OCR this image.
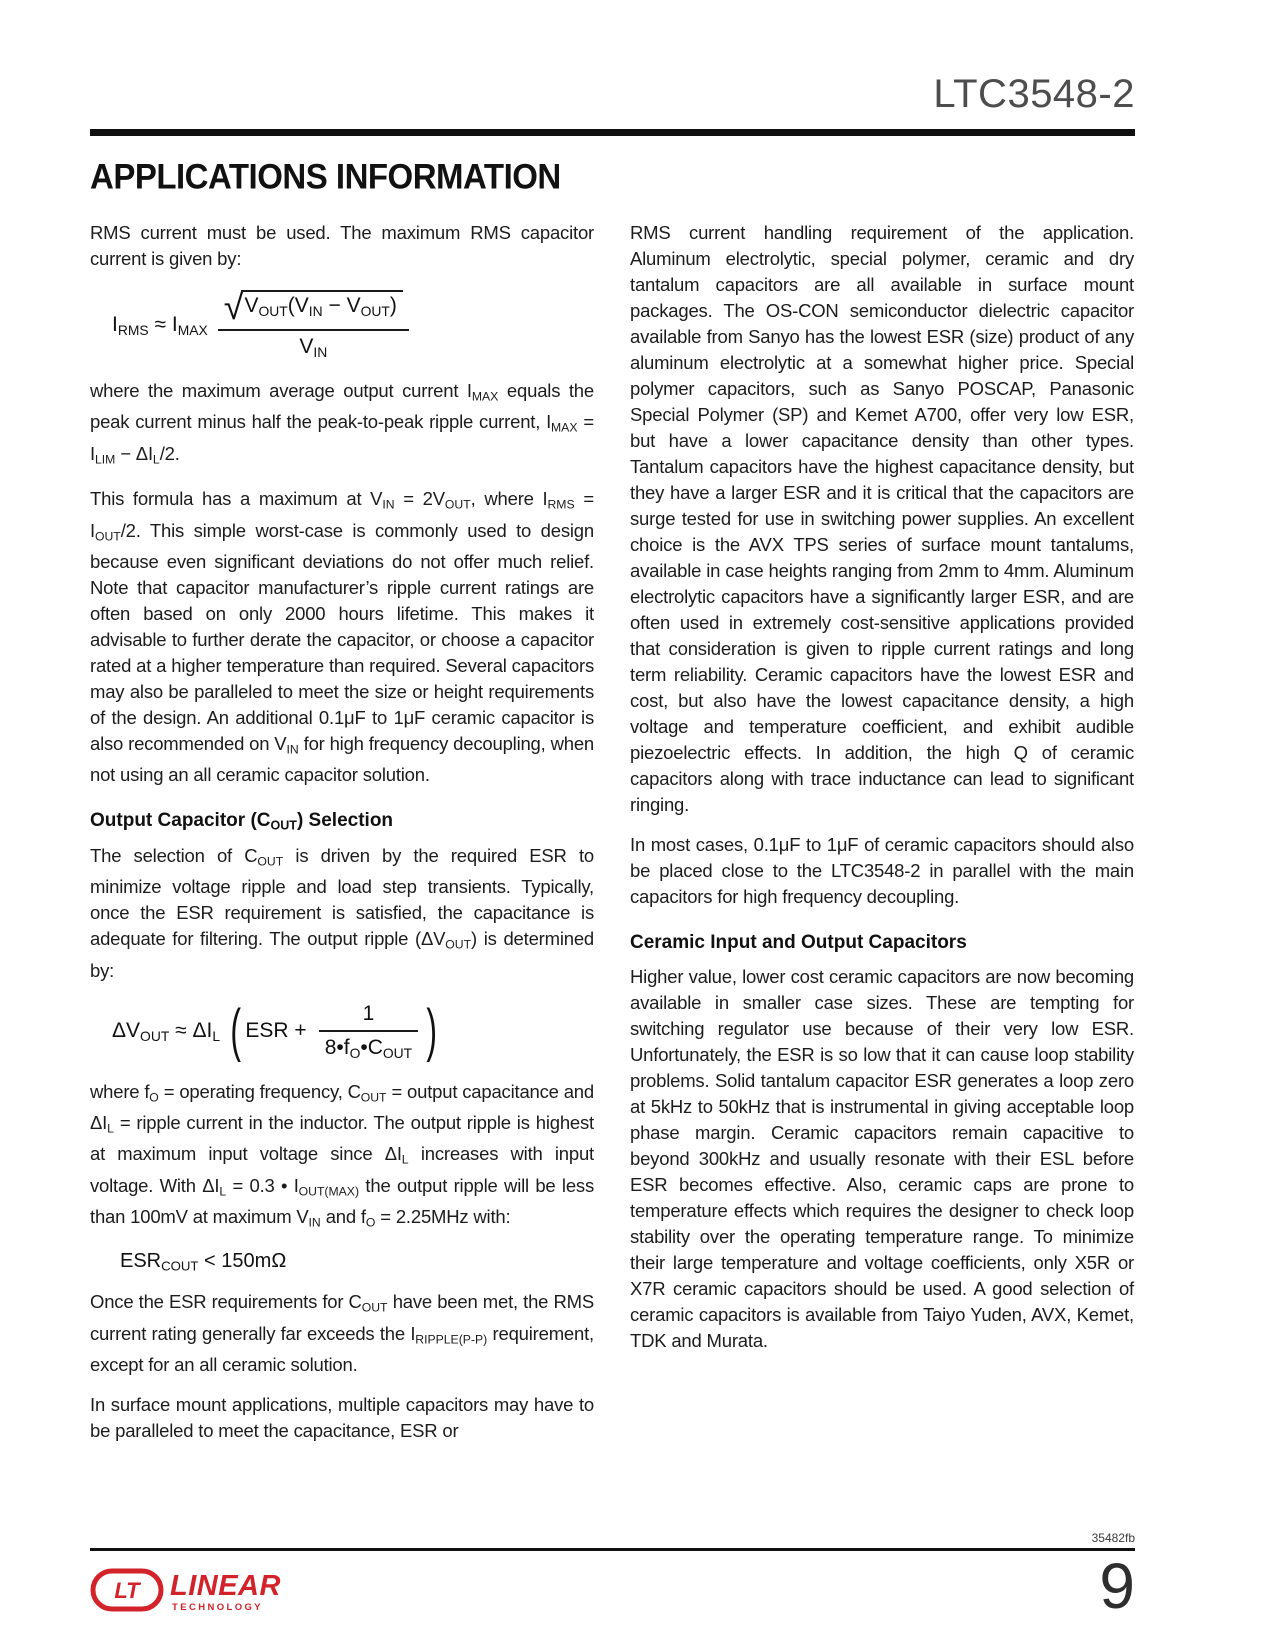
LTC3548-2
APPLICATIONS INFORMATION

RMS current must be used. The maximum RMS capacitor current is given by:

$I_{RMS} \approx I_{MAX} \frac{√ V_{OUT}(V_{IN} - V_{OUT})}{V_{IN}}$

where the maximum average output current $I_{MAX}$ equals the peak current minus half the peak-to-peak ripple current, $I_{MAX} = I_{LIM} - \Delta I_L/2$.

This formula has a maximum at $V_{IN} = 2V_{OUT}$, where $I_{RMS} = I_{OUT}/2$. This simple worst-case is commonly used to design because even significant deviations do not offer much relief. Note that capacitor manufacturer’s ripple current ratings are often based on only 2000 hours lifetime. This makes it advisable to further derate the capacitor, or choose a capacitor rated at a higher temperature than required. Several capacitors may also be paralleled to meet the size or height requirements of the design. An additional 0.1μF to 1μF ceramic capacitor is also recommended on $V_{IN}$ for high frequency decoupling, when not using an all ceramic capacitor solution.

Output Capacitor $(C_{OUT})$ Selection

The selection of $C_{OUT}$ is driven by the required ESR to minimize voltage ripple and load step transients. Typically, once the ESR requirement is satisfied, the capacitance is adequate for filtering. The output ripple $(\Delta V_{OUT})$ is determined by:

$\Delta V_{OUT} \approx \Delta I_L$ ( ESR + $\frac{1}{8•f_O•C_{OUT}}$ )

where $f_O$ = operating frequency, $C_{OUT}$ = output capacitance and $\Delta I_L$ = ripple current in the inductor. The output ripple is highest at maximum input voltage since $\Delta I_L$ increases with input voltage. With $\Delta I_L = 0.3$ • $I_{OUT(MAX)}$ the output ripple will be less than 100mV at maximum $V_{IN}$ and $f_O = 2.25MHz$ with:

$ESR_{COUT} < 150m\Omega$

Once the ESR requirements for $C_{OUT}$ have been met, the RMS current rating generally far exceeds the $I_{RIPPLE(P-P)}$ requirement, except for an all ceramic solution.

In surface mount applications, multiple capacitors may have to be paralleled to meet the capacitance, ESR or

RMS current handling requirement of the application. Aluminum electrolytic, special polymer, ceramic and dry tantalum capacitors are all available in surface mount packages. The OS-CON semiconductor dielectric capacitor available from Sanyo has the lowest ESR (size) product of any aluminum electrolytic at a somewhat higher price. Special polymer capacitors, such as Sanyo POSCAP, Panasonic Special Polymer (SP) and Kemet A700, offer very low ESR, but have a lower capacitance density than other types. Tantalum capacitors have the highest capacitance density, but they have a larger ESR and it is critical that the capacitors are surge tested for use in switching power supplies. An excellent choice is the AVX TPS series of surface mount tantalums, available in case heights ranging from 2mm to 4mm. Aluminum electrolytic capacitors have a significantly larger ESR, and are often used in extremely cost-sensitive applications provided that consideration is given to ripple current ratings and long term reliability. Ceramic capacitors have the lowest ESR and cost, but also have the lowest capacitance density, a high voltage and temperature coefficient, and exhibit audible piezoelectric effects. In addition, the high Q of ceramic capacitors along with trace inductance can lead to significant ringing.

In most cases, 0.1μF to 1μF of ceramic capacitors should also be placed close to the LTC3548-2 in parallel with the main capacitors for high frequency decoupling.

Ceramic Input and Output Capacitors

Higher value, lower cost ceramic capacitors are now becoming available in smaller case sizes. These are tempting for switching regulator use because of their very low ESR. Unfortunately, the ESR is so low that it can cause loop stability problems. Solid tantalum capacitor ESR generates a loop zero at 5kHz to 50kHz that is instrumental in giving acceptable loop phase margin. Ceramic capacitors remain capacitive to beyond 300kHz and usually resonate with their ESL before ESR becomes effective. Also, ceramic caps are prone to temperature effects which requires the designer to check loop stability over the operating temperature range. To minimize their large temperature and voltage coefficients, only X5R or X7R ceramic capacitors should be used. A good selection of ceramic capacitors is available from Taiyo Yuden, AVX, Kemet, TDK and Murata.

35482fb
LT LINEAR
TECHNOLOGY	9
